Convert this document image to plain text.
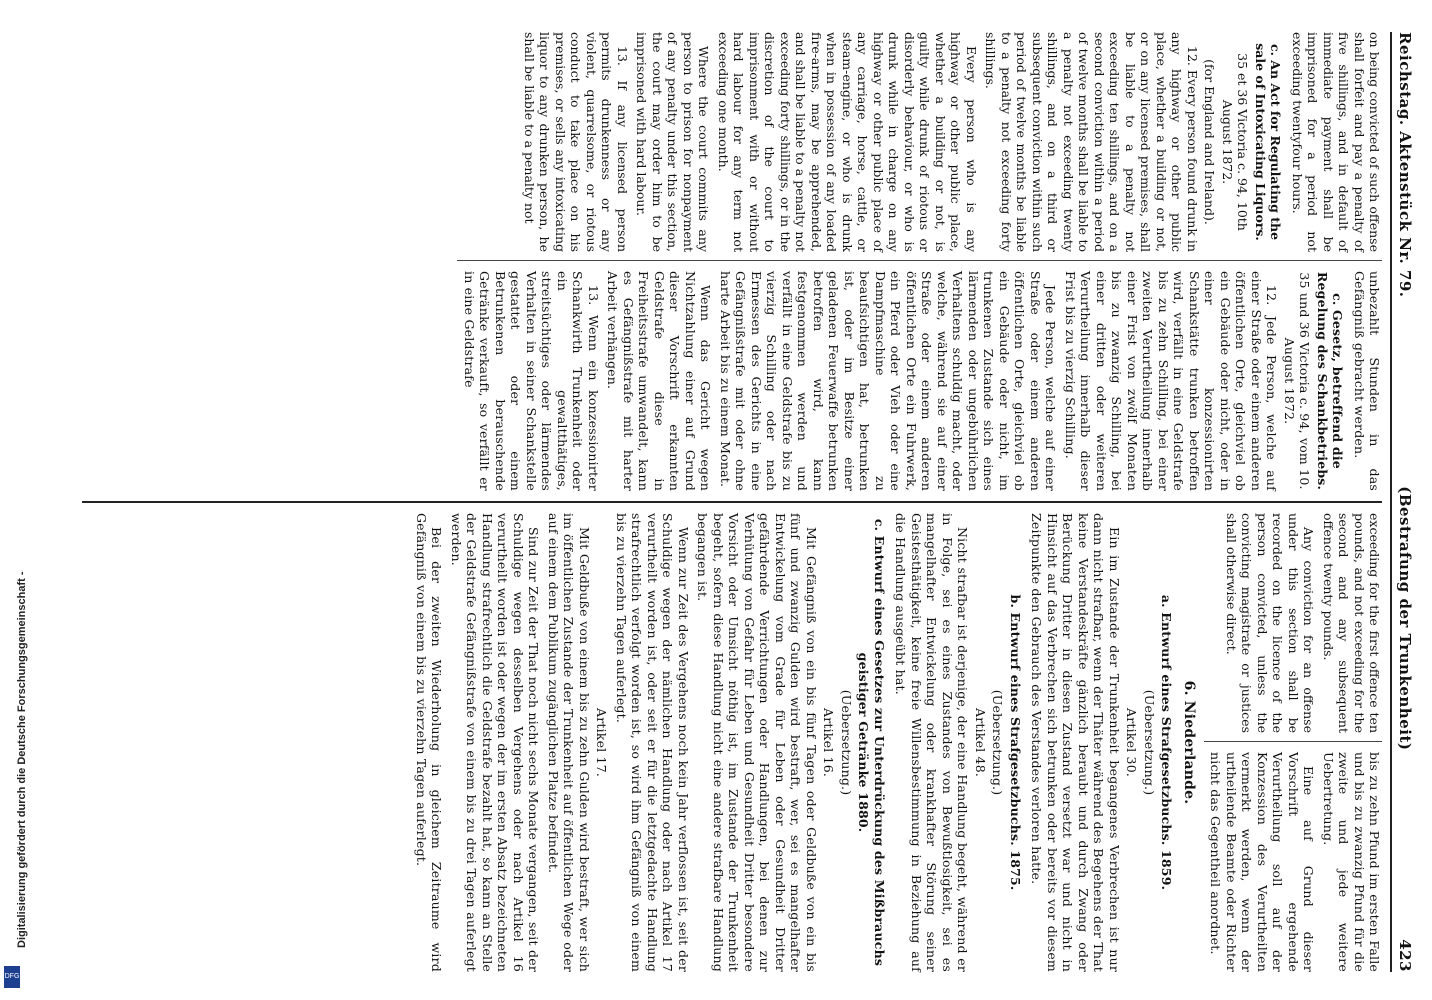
Digitalisierung gefördert durch die Deutsche Forschungsgemeinschaft -
DFG
Reichstag. Aktenstück Nr. 79.
(Bestrafung der Trunkenheit)
423

on being convicted of such offense shall forfeit and pay a penalty of five shillings, and in default of immediate payment shall be imprisoned for a period not exceeding twentyfour hours.

c. An Act for Regulating the sale of Intoxicating Liquors.

35 et 36 Victoria c. 94, 10th August 1872.

(for England and Ireland).

12. Every person found drunk in any highway or other public place, whether a building or not, or on any licensed premises, shall be liable to a penalty not exceeding ten shillings, and on a second conviction within a period of twelve months shall be liable to a penalty not exceeding twenty shillings, and on a third or subsequent conviction within such period of twelve months be liable to a penalty not exceeding forty shillings.

Every person who is any highway or other public place, whether a building or not, is guilty while drunk of riotous or disorderly behaviour, or who is drunk while in charge on any highway or other public place of any carriage, horse, cattle, or steam-engine, or who is drunk when in possession of any loaded fire-arms, may be apprehended, and shall be liable to a penalty not exceeding forty shillings, or in the discretion of the court to imprisonment with or without hard labour for any term not exceeding one month.

Where the court commits any person to prison for nonpayment of any penalty under this section, the court may order him to be imprisoned with hard labour.

13. If any licensed person permits drunkenness or any violent, quarrelsome, or riotous conduct to take place on his premises, or sells any intoxicating liquor to any drunken person, he shall be liable to a penalty not

unbezahlt Stunden in das Gefängniß gebracht werden.

c. Gesetz, betreffend die Regelung des Schankbetriebs.

35 und 36 Victoria c. 94, vom 10. August 1872.

12. Jede Person, welche auf einer Straße oder einem anderen öffentlichen Orte, gleichviel ob ein Gebäude oder nicht, oder in einer konzessionirten Schankstätte trunken betroffen wird, verfällt in eine Geldstrafe bis zu zehn Schilling, bei einer zweiten Verurtheilung innerhalb einer Frist von zwölf Monaten bis zu zwanzig Schilling, bei einer dritten oder weiteren Verurtheilung innerhalb dieser Frist bis zu vierzig Schilling.

Jede Person, welche auf einer Straße oder einem anderen öffentlichen Orte, gleichviel ob ein Gebäude oder nicht, im trunkenen Zustande sich eines lärmenden oder ungebührlichen Verhaltens schuldig macht, oder welche, während sie auf einer Straße oder einem anderen öffentlichen Orte ein Fuhrwerk, ein Pferd oder Vieh oder eine Dampfmaschine zu beaufsichtigen hat, betrunken ist, oder im Besitze einer geladenen Feuerwaffe betrunken betroffen wird, kann festgenommen werden und verfällt in eine Geldstrafe bis zu vierzig Schilling oder nach Ermessen des Gerichts in eine Gefängnißstrafe mit oder ohne harte Arbeit bis zu einem Monat.

Wenn das Gericht wegen Nichtzahlung einer auf Grund dieser Vorschrift erkannten Geldstrafe diese in Freiheitsstrafe umwandelt, kann es Gefängnißstrafe mit harter Arbeit verhängen.

13. Wenn ein konzessionirter Schankwirth Trunkenheit oder ein gewaltthätiges, streitsüchtiges oder lärmendes Verhalten in seiner Schankstelle gestattet oder einem Betrunkenen berauschende Getränke verkauft, so verfällt er in eine Geldstrafe

exceeding for the first offence ten pounds, and not exceeding for the second and any subsequent offence twenty pounds.

Any conviction for an offense under this section shall be recorded on the licence of the person convicted, unless the convicting magistrate or justices shall otherwise direct.

bis zu zehn Pfund im ersten Falle und bis zu zwanzig Pfund für die zweite und jede weitere Uebertretung.

Eine auf Grund dieser Vorschrift ergehende Verurtheilung soll auf der Konzession des Verurtheilten vermerkt werden, wenn der urtheilende Beamte oder Richter nicht das Gegentheil anordnet.

6. Niederlande.

a. Entwurf eines Strafgesetzbuchs. 1859.

(Uebersetzung.)

Artikel 30.

Ein im Zustande der Trunkenheit begangenes Verbrechen ist nur dann nicht strafbar, wenn der Thäter während des Begehens der That keine Verstandeskräfte gänzlich beraubt und durch Zwang oder Berückung Dritter in diesen Zustand versetzt war und nicht in Hinsicht auf das Verbrechen sich betrunken oder bereits vor diesem Zeitpunkte den Gebrauch des Verstandes verloren hatte.

b. Entwurf eines Strafgesetzbuchs. 1875.

(Uebersetzung.)

Artikel 48.

Nicht strafbar ist derjenige, der eine Handlung begeht, während er in Folge, sei es eines Zustandes von Bewußtlosigkeit, sei es mangelhafter Entwickelung oder krankhafter Störung seiner Geistesthätigkeit, keine freie Willensbestimmung in Beziehung auf die Handlung ausgeübt hat.

c. Entwurf eines Gesetzes zur Unterdrückung des Mißbrauchs geistiger Getränke 1880.

(Uebersetzung.)

Artikel 16.

Mit Gefängniß von ein bis fünf Tagen oder Geldbuße von ein bis fünf und zwanzig Gulden wird bestraft, wer, sei es mangelhafter Entwickelung vom Grade für Leben oder Gesundheit Dritter gefährdende Verrichtungen oder Handlungen, bei denen zur Verhütung von Gefahr für Leben und Gesundheit Dritter besondere Vorsicht oder Umsicht nöthig ist, im Zustande der Trunkenheit begeht, sofern diese Handlung nicht eine andere strafbare Handlung begangen ist.

Wenn zur Zeit des Vergehens noch kein Jahr verflossen ist, seit der Schuldige wegen der nämlichen Handlung oder nach Artikel 17 verurtheilt worden ist, oder seit er für die letztgedachte Handlung strafrechtlich verfolgt worden ist, so wird ihm Gefängniß von einem bis zu vierzehn Tagen auferlegt.

Artikel 17.

Mit Geldbuße von einem bis zu zehn Gulden wird bestraft, wer sich im öffentlichen Zustande der Trunkenheit auf öffentlichen Wege oder auf einem dem Publikum zugänglichen Platze befindet.

Sind zur Zeit der That noch nicht sechs Monate vergangen, seit der Schuldige wegen desselben Vergehens oder nach Artikel 16 verurtheilt worden ist oder wegen der im ersten Absatz bezeichneten Handlung strafrechtlich die Geldstrafe bezahlt hat, so kann an Stelle der Geldstrafe Gefängnißstrafe von einem bis zu drei Tagen auferlegt werden.

Bei der zweiten Wiederholung in gleichem Zeitraume wird Gefängniß von einem bis zu vierzehn Tagen auferlegt.
